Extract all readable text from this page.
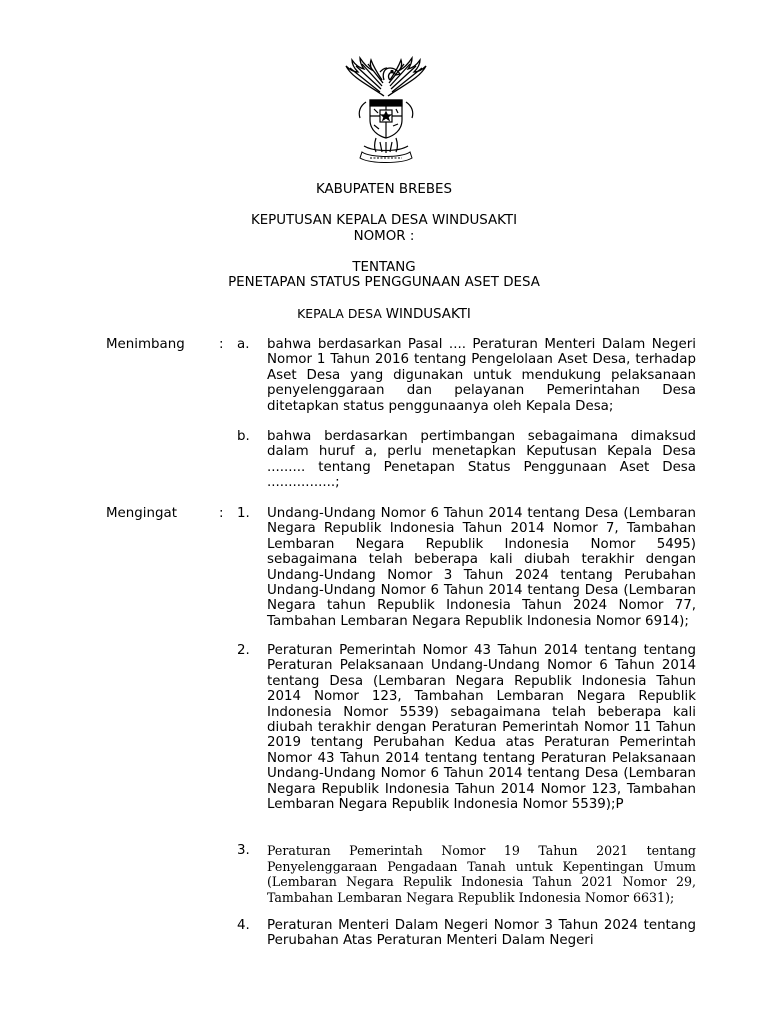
KABUPATEN BREBES
KEPUTUSAN KEPALA DESA WINDUSAKTI
NOMOR :
TENTANG
PENETAPAN STATUS PENGGUNAAN ASET DESA
KEPALA DESA WINDUSAKTI
Menimbang	: a. bahwa berdasarkan Pasal .... Peraturan Menteri Dalam Negeri Nomor 1 Tahun 2016 tentang Pengelolaan Aset Desa, terhadap Aset Desa yang digunakan untuk mendukung pelaksanaan penyelenggaraan dan pelayanan Pemerintahan Desa ditetapkan status penggunaanya oleh Kepala Desa;
b. bahwa berdasarkan pertimbangan sebagaimana dimaksud dalam huruf a, perlu menetapkan Keputusan Kepala Desa ......... tentang Penetapan Status Penggunaan Aset Desa ................;
Mengingat	: 1. Undang-Undang Nomor 6 Tahun 2014 tentang Desa (Lembaran Negara Republik Indonesia Tahun 2014 Nomor 7, Tambahan Lembaran Negara Republik Indonesia Nomor 5495) sebagaimana telah beberapa kali diubah terakhir dengan Undang-Undang Nomor 3 Tahun 2024 tentang Perubahan Undang-Undang Nomor 6 Tahun 2014 tentang Desa (Lembaran Negara tahun Republik Indonesia Tahun 2024 Nomor 77, Tambahan Lembaran Negara Republik Indonesia Nomor 6914);
2. Peraturan Pemerintah Nomor 43 Tahun 2014 tentang tentang Peraturan Pelaksanaan Undang-Undang Nomor 6 Tahun 2014 tentang Desa (Lembaran Negara Republik Indonesia Tahun 2014 Nomor 123, Tambahan Lembaran Negara Republik Indonesia Nomor 5539) sebagaimana telah beberapa kali diubah terakhir dengan Peraturan Pemerintah Nomor 11 Tahun 2019 tentang Perubahan Kedua atas Peraturan Pemerintah Nomor 43 Tahun 2014 tentang tentang Peraturan Pelaksanaan Undang-Undang Nomor 6 Tahun 2014 tentang Desa (Lembaran Negara Republik Indonesia Tahun 2014 Nomor 123, Tambahan Lembaran Negara Republik Indonesia Nomor 5539);P
3. Peraturan Pemerintah Nomor 19 Tahun 2021 tentang Penyelenggaraan Pengadaan Tanah untuk Kepentingan Umum (Lembaran Negara Repulik Indonesia Tahun 2021 Nomor 29, Tambahan Lembaran Negara Republik Indonesia Nomor 6631);
4. Peraturan Menteri Dalam Negeri Nomor 3 Tahun 2024 tentang Perubahan Atas Peraturan Menteri Dalam Negeri
